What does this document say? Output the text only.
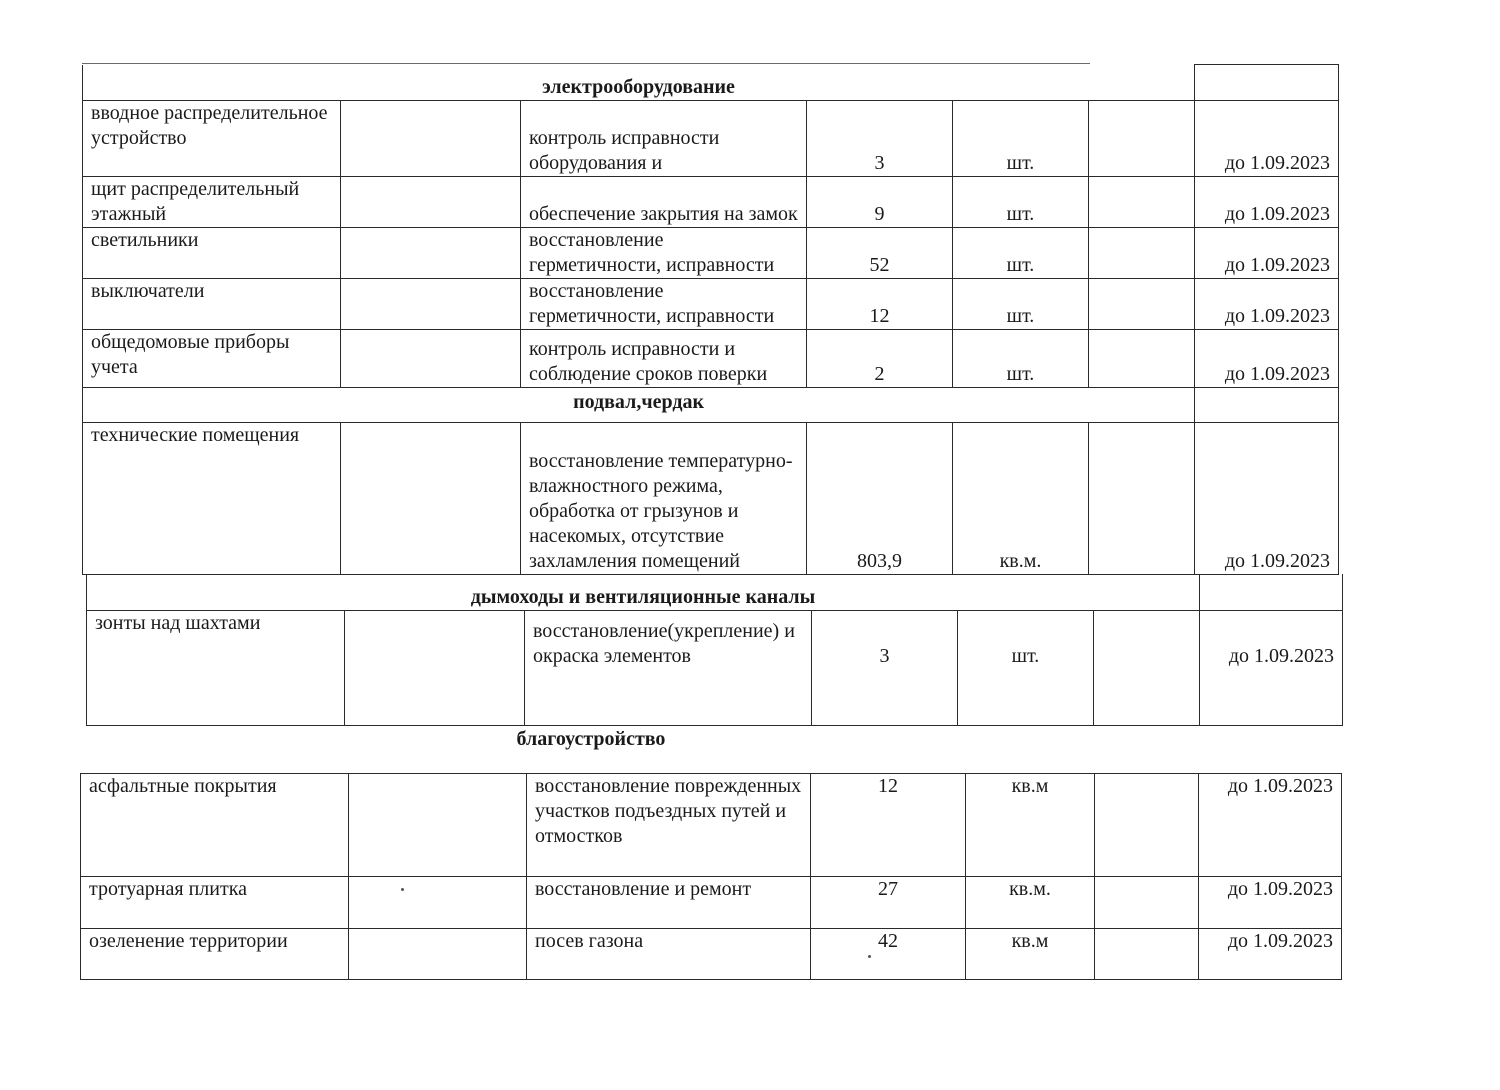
электрооборудование						
вводное распределительное устройство		контроль исправности оборудования и	3	шт.		до 1.09.2023
щит распределительный этажный		обеспечение закрытия на замок	9	шт.		до 1.09.2023
светильники		восстановление герметичности, исправности	52	шт.		до 1.09.2023
выключатели		восстановление герметичности, исправности	12	шт.		до 1.09.2023
общедомовые приборы учета		контроль исправности и соблюдение сроков поверки	2	шт.		до 1.09.2023
подвал,чердак						
технические помещения		восстановление температурно-влажностного режима, обработка от грызунов и насекомых, отсутствие захламления помещений	803,9	кв.м.		до 1.09.2023
дымоходы и вентиляционные каналы						
зонты над шахтами		восстановление(укрепление) и окраска элементов	3	шт.		до 1.09.2023
благоустройство
асфальтные покрытия		восстановление поврежденных участков подъездных путей и отмостков	12	кв.м		до 1.09.2023
тротуарная плитка		восстановление и ремонт	27	кв.м.		до 1.09.2023
озеленение территории		посев газона	42	кв.м		до 1.09.2023
